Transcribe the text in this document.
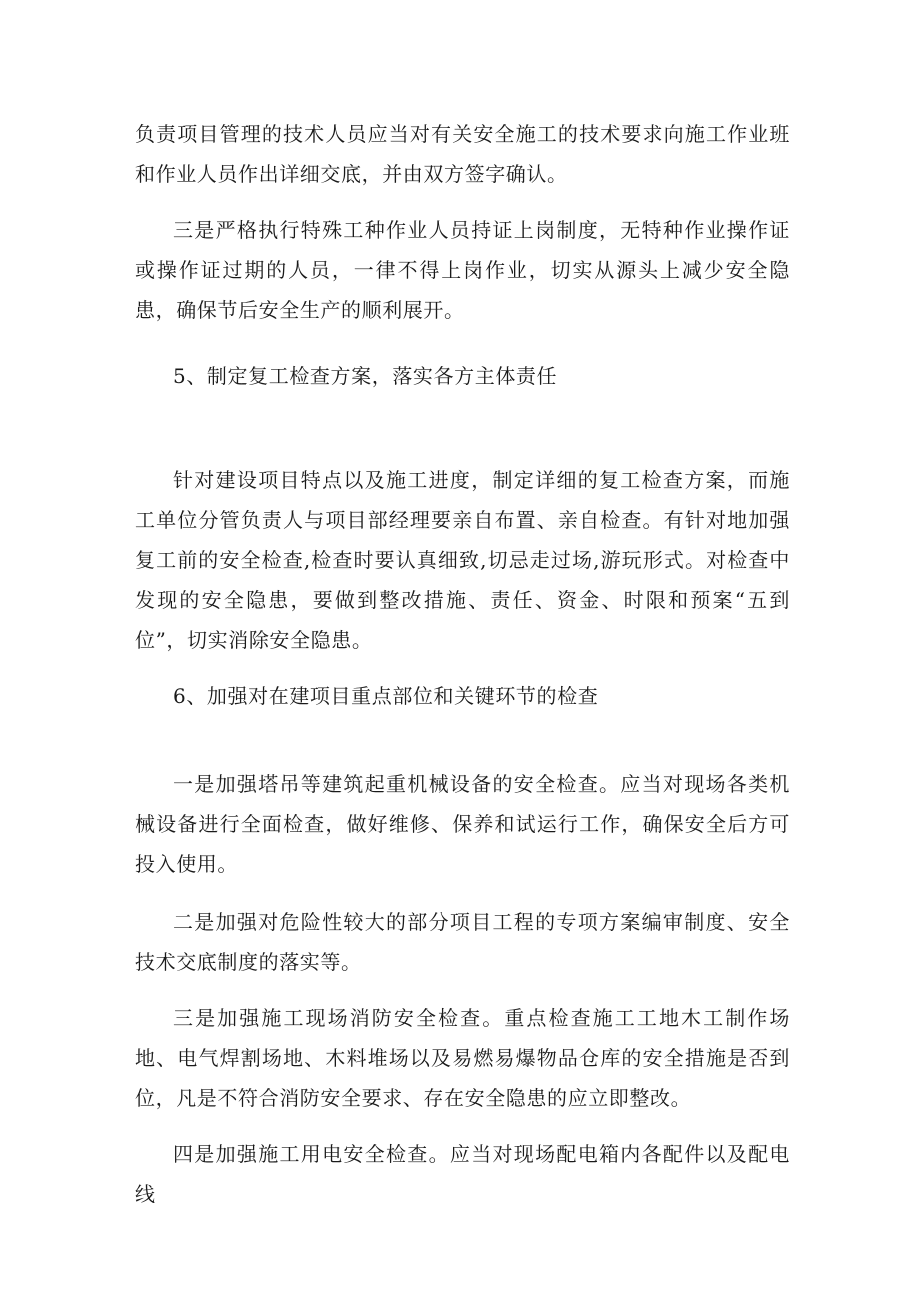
负责项目管理的技术人员应当对有关安全施工的技术要求向施工作业班和作业人员作出详细交底，并由双方签字确认。

三是严格执行特殊工种作业人员持证上岗制度，无特种作业操作证或操作证过期的人员，一律不得上岗作业，切实从源头上减少安全隐患，确保节后安全生产的顺利展开。

5、制定复工检查方案，落实各方主体责任

针对建设项目特点以及施工进度，制定详细的复工检查方案，而施工单位分管负责人与项目部经理要亲自布置、亲自检查。有针对地加强复工前的安全检查,检查时要认真细致,切忌走过场,游玩形式。对检查中发现的安全隐患，要做到整改措施、责任、资金、时限和预案“五到位”，切实消除安全隐患。

6、加强对在建项目重点部位和关键环节的检查

一是加强塔吊等建筑起重机械设备的安全检查。应当对现场各类机械设备进行全面检查，做好维修、保养和试运行工作，确保安全后方可投入使用。

二是加强对危险性较大的部分项目工程的专项方案编审制度、安全技术交底制度的落实等。

三是加强施工现场消防安全检查。重点检查施工工地木工制作场地、电气焊割场地、木料堆场以及易燃易爆物品仓库的安全措施是否到位，凡是不符合消防安全要求、存在安全隐患的应立即整改。

四是加强施工用电安全检查。应当对现场配电箱内各配件以及配电线
